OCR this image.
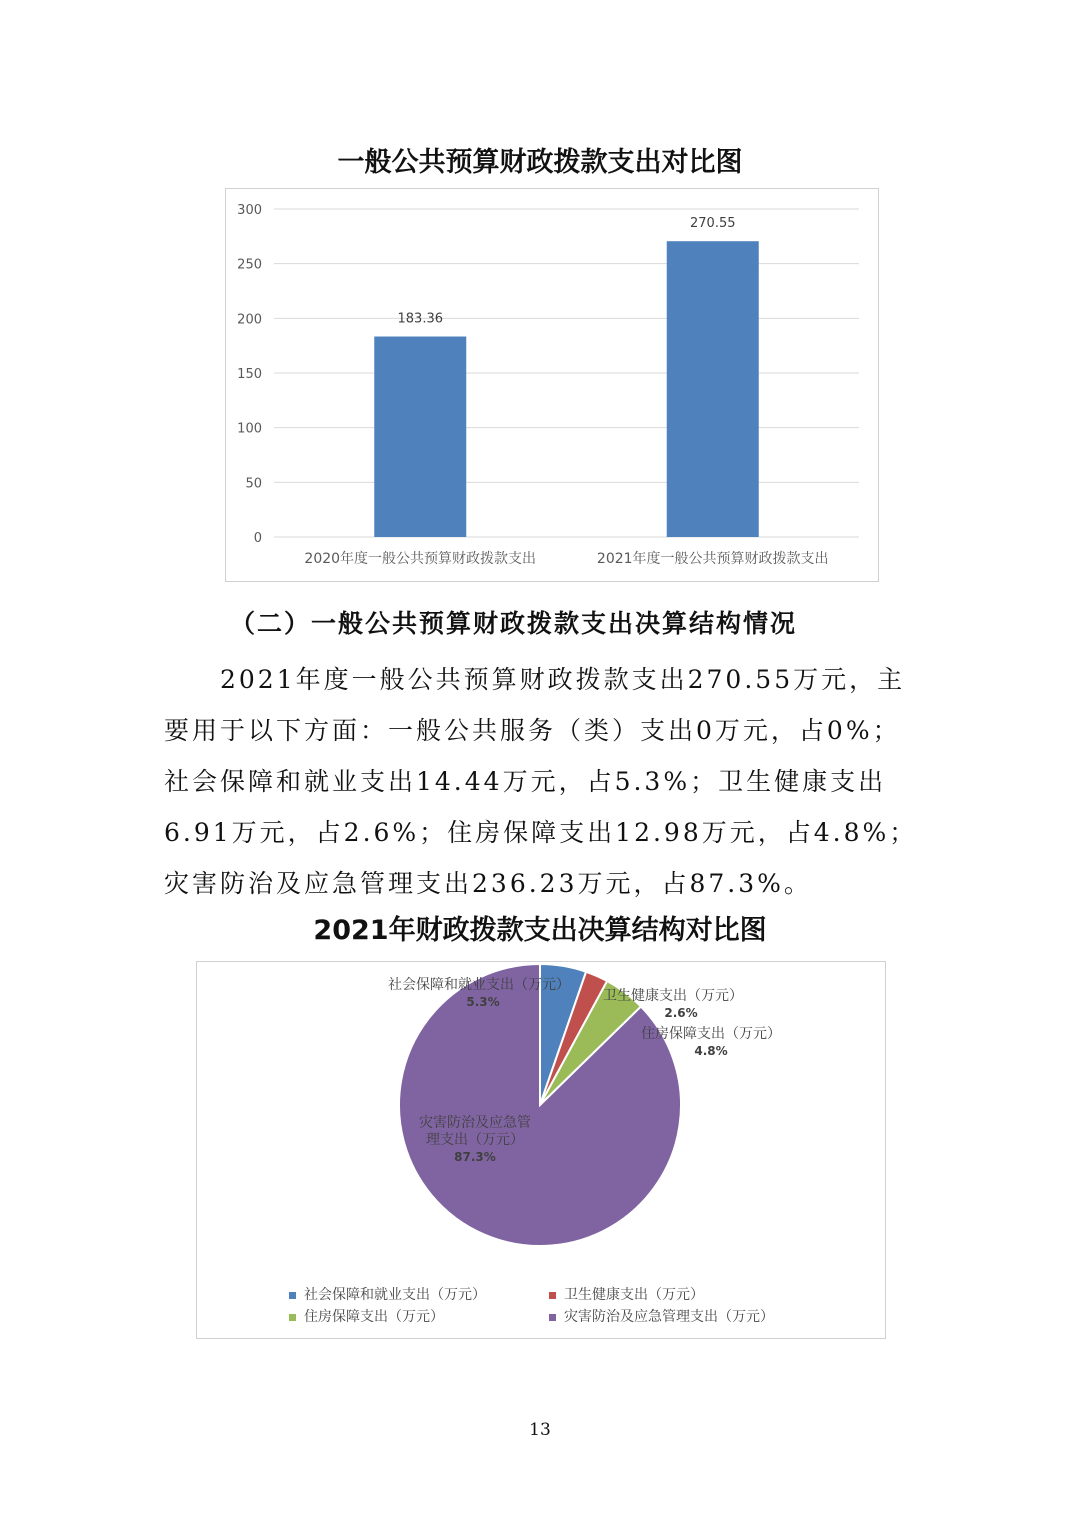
一般公共预算财政拨款支出对比图
0
50
100
150
200
250
300
183.36
2020年度一般公共预算财政拨款支出
270.55
2021年度一般公共预算财政拨款支出
（二）一般公共预算财政拨款支出决算结构情况
2021年度一般公共预算财政拨款支出270.55万元，主要用于以下方面：一般公共服务（类）支出0万元，占0%；社会保障和就业支出14.44万元，占5.3%；卫生健康支出6.91万元，占2.6%；住房保障支出12.98万元，占4.8%；灾害防治及应急管理支出236.23万元，占87.3%。
2021年财政拨款支出决算结构对比图
社会保障和就业支出（万元）
5.3%	卫生健康支出（万元）
2.6%
住房保障支出（万元）
4.8%
灾害防治及应急管
理支出（万元）
87.3%
社会保障和就业支出（万元）	卫生健康支出（万元）
住房保障支出（万元）	灾害防治及应急管理支出（万元）
13
